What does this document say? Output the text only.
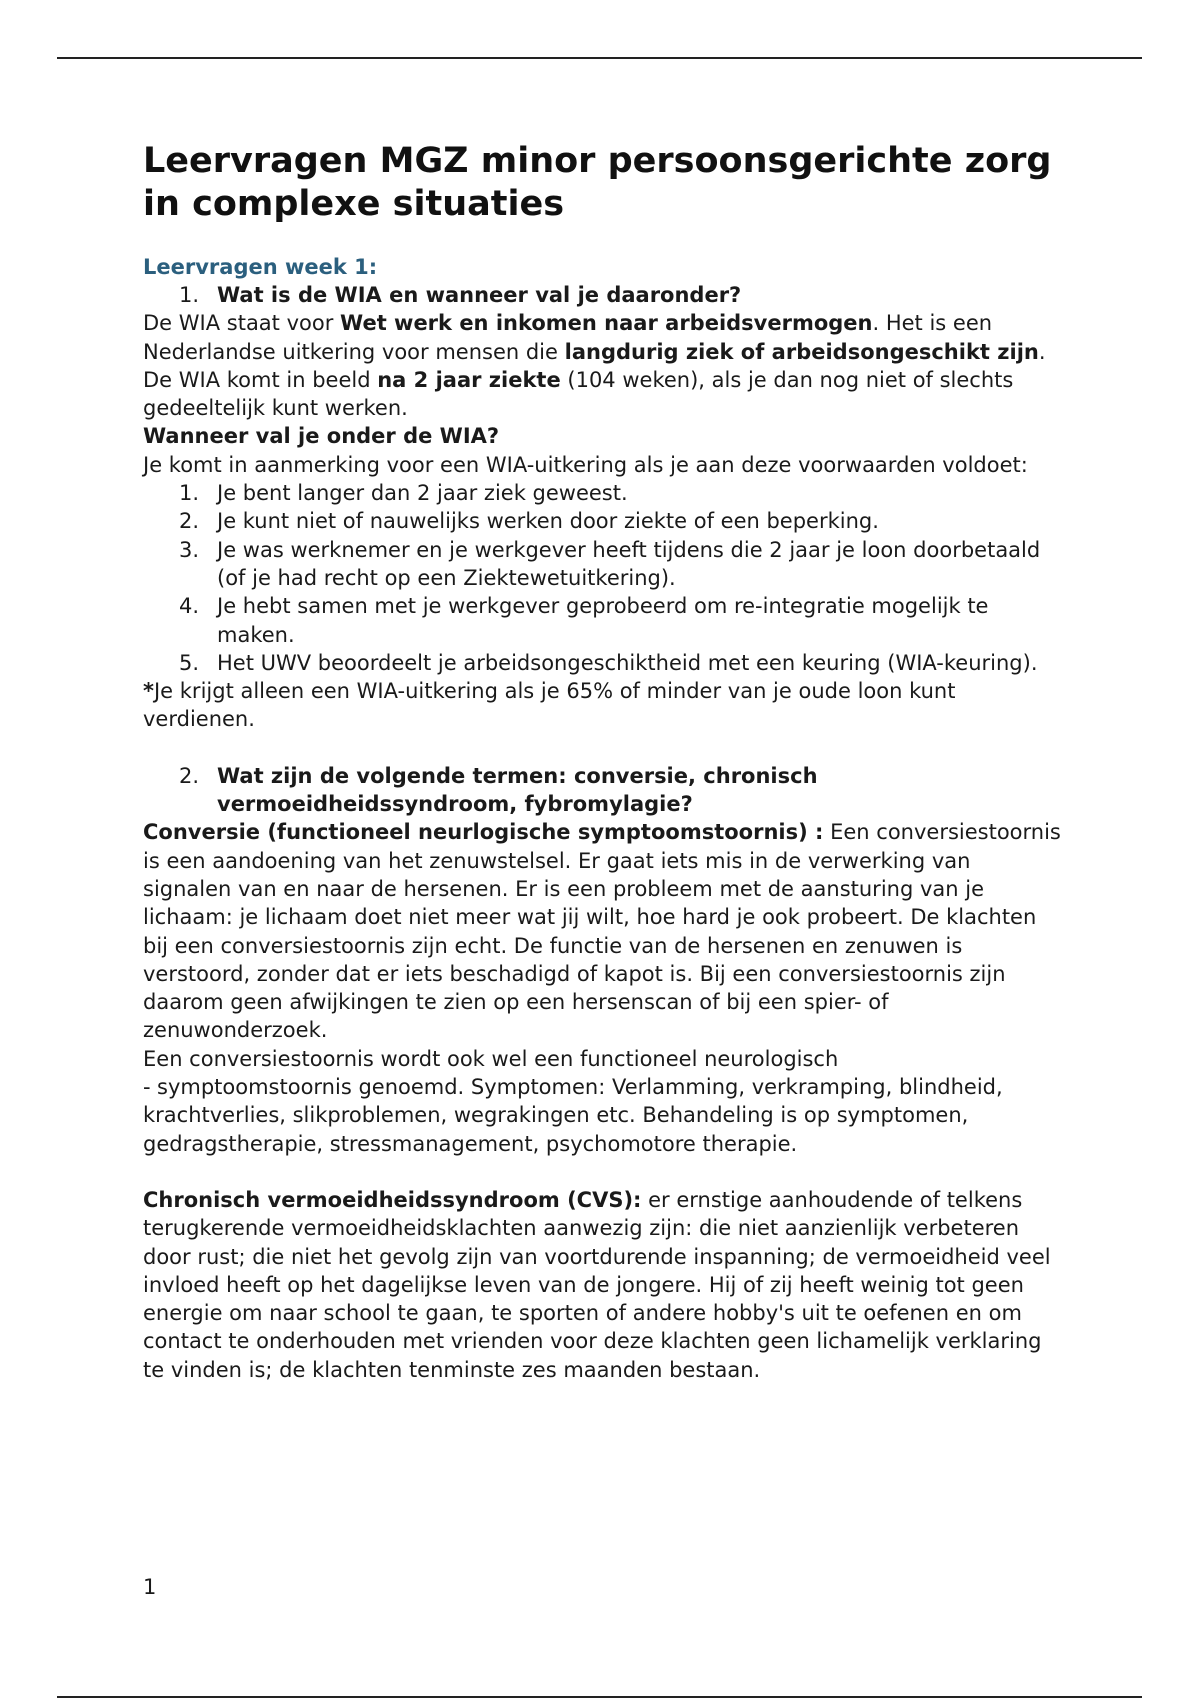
Leervragen MGZ minor persoonsgerichte zorg in complexe situaties
Leervragen week 1:
1. Wat is de WIA en wanneer val je daaronder?

De WIA staat voor Wet werk en inkomen naar arbeidsvermogen. Het is een Nederlandse uitkering voor mensen die langdurig ziek of arbeidsongeschikt zijn. De WIA komt in beeld na 2 jaar ziekte (104 weken), als je dan nog niet of slechts gedeeltelijk kunt werken.

Wanneer val je onder de WIA?

Je komt in aanmerking voor een WIA-uitkering als je aan deze voorwaarden voldoet:

1. Je bent langer dan 2 jaar ziek geweest.
2. Je kunt niet of nauwelijks werken door ziekte of een beperking.
3. Je was werknemer en je werkgever heeft tijdens die 2 jaar je loon doorbetaald (of je had recht op een Ziektewetuitkering).
4. Je hebt samen met je werkgever geprobeerd om re-integratie mogelijk te maken.
5. Het UWV beoordeelt je arbeidsongeschiktheid met een keuring (WIA-keuring).

*Je krijgt alleen een WIA-uitkering als je 65% of minder van je oude loon kunt verdienen.

2. Wat zijn de volgende termen: conversie, chronisch vermoeidheidssyndroom, fybromylagie?

Conversie (functioneel neurlogische symptoomstoornis) : Een conversiestoornis is een aandoening van het zenuwstelsel. Er gaat iets mis in de verwerking van signalen van en naar de hersenen. Er is een probleem met de aansturing van je lichaam: je lichaam doet niet meer wat jij wilt, hoe hard je ook probeert. De klachten bij een conversiestoornis zijn echt. De functie van de hersenen en zenuwen is verstoord, zonder dat er iets beschadigd of kapot is. Bij een conversiestoornis zijn daarom geen afwijkingen te zien op een hersenscan of bij een spier- of zenuwonderzoek.

Een conversiestoornis wordt ook wel een functioneel neurologisch
- symptoomstoornis genoemd. Symptomen: Verlamming, verkramping, blindheid, krachtverlies, slikproblemen, wegrakingen etc. Behandeling is op symptomen, gedragstherapie, stressmanagement, psychomotore therapie.

Chronisch vermoeidheidssyndroom (CVS): er ernstige aanhoudende of telkens terugkerende vermoeidheidsklachten aanwezig zijn: die niet aanzienlijk verbeteren door rust; die niet het gevolg zijn van voortdurende inspanning; de vermoeidheid veel invloed heeft op het dagelijkse leven van de jongere. Hij of zij heeft weinig tot geen energie om naar school te gaan, te sporten of andere hobby's uit te oefenen en om contact te onderhouden met vrienden voor deze klachten geen lichamelijk verklaring te vinden is; de klachten tenminste zes maanden bestaan.

1
